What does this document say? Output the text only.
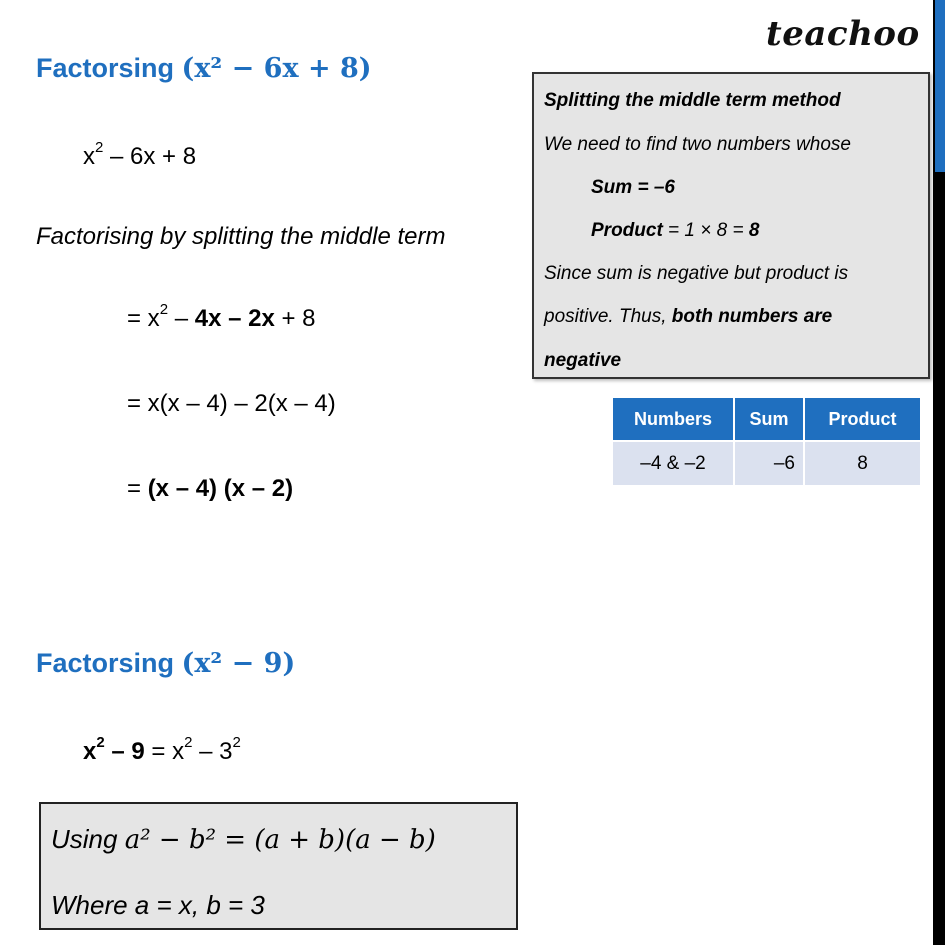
teachoo
Factorsing (x² − 6x + 8)
$x^2 - 6x + 8$
Factorising by splitting the middle term
= $x^2 - 4x - 2x + 8$
= x(x – 4) – 2(x – 4)
= (x – 4) (x – 2)
Splitting the middle term method
We need to find two numbers whose
Sum = –6
Product = 1 × 8 = 8
Since sum is negative but product is
positive. Thus, both numbers are
negative
Numbers	Sum	Product
–4 & –2	–6	8
Factorsing (x² − 9)
$x^2 - 9 = x^2 - 3^2$
Using a² − b² = (a + b)(a − b)
Where a = x, b = 3
